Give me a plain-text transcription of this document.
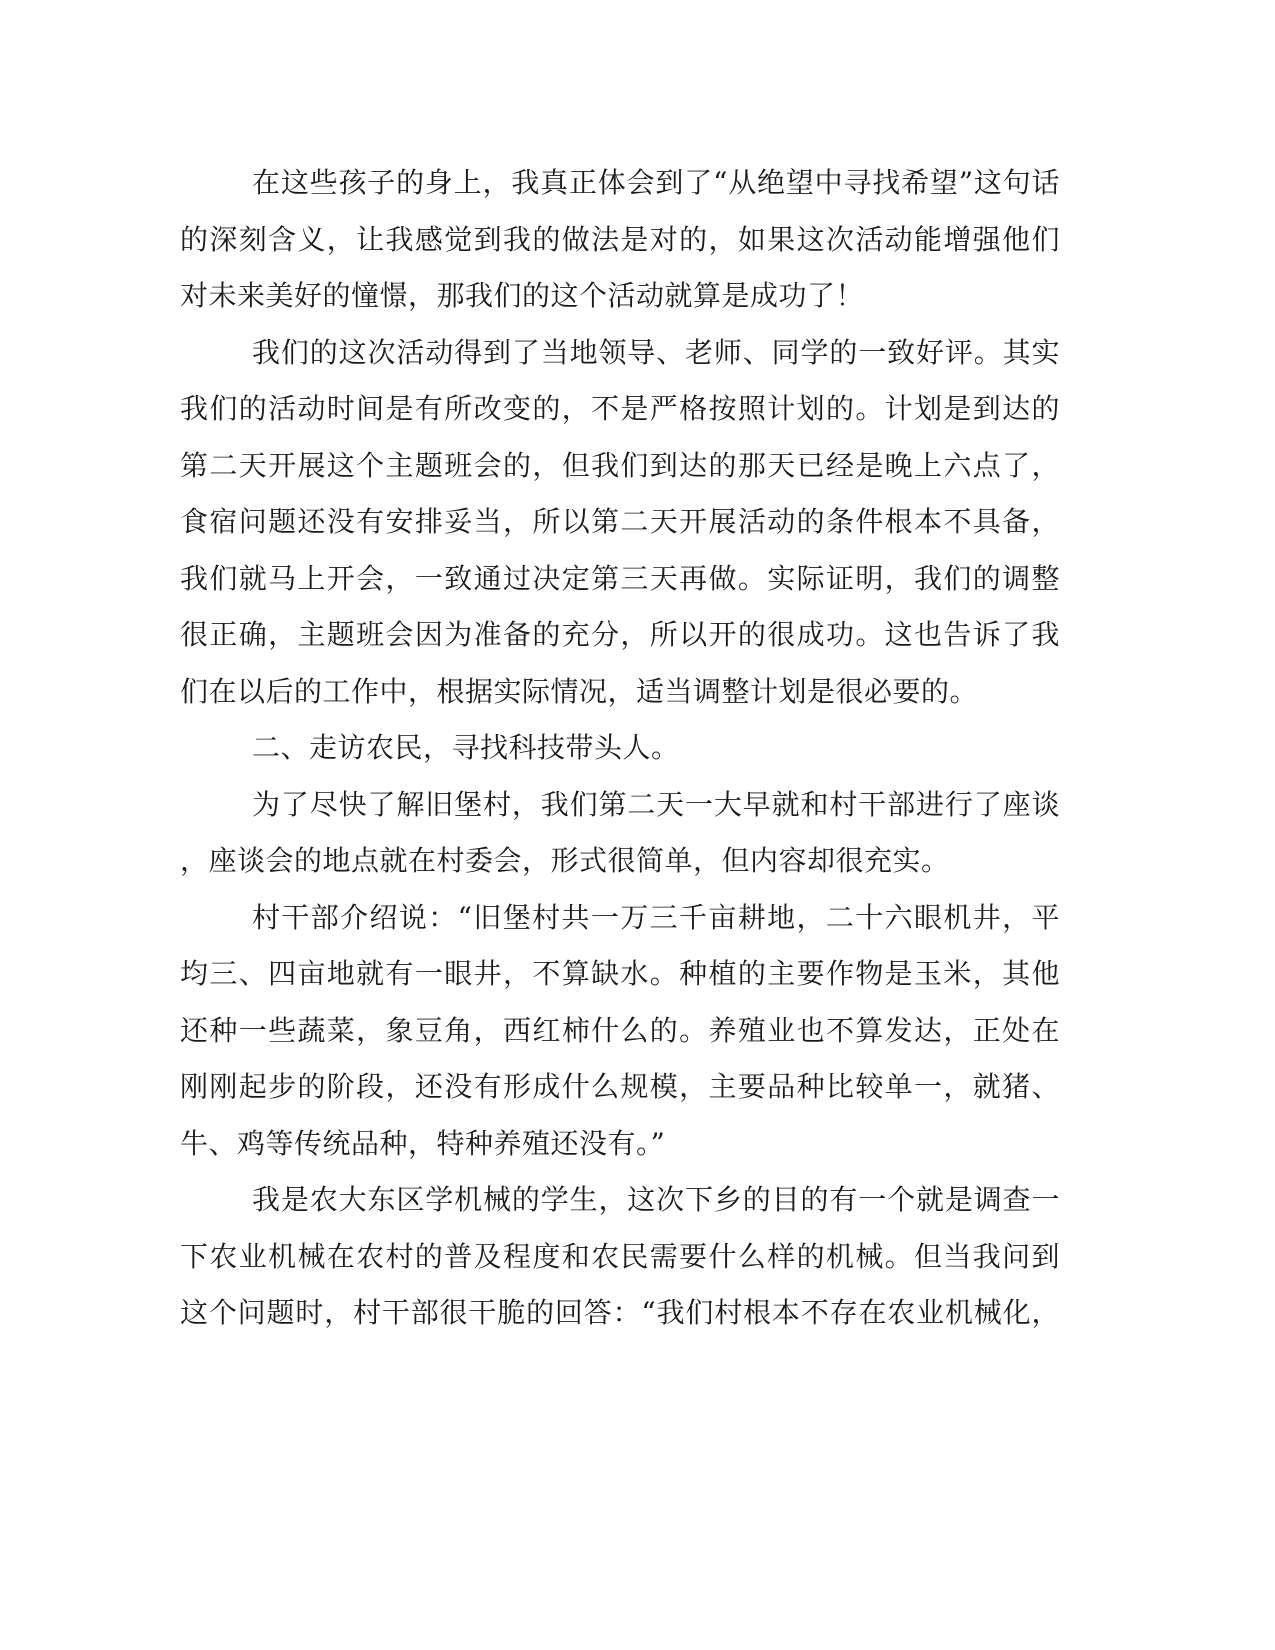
在这些孩子的身上，我真正体会到了“从绝望中寻找希望”这句话
的深刻含义，让我感觉到我的做法是对的，如果这次活动能增强他们
对未来美好的憧憬，那我们的这个活动就算是成功了！
我们的这次活动得到了当地领导、老师、同学的一致好评。其实
我们的活动时间是有所改变的，不是严格按照计划的。计划是到达的
第二天开展这个主题班会的，但我们到达的那天已经是晚上六点了，
食宿问题还没有安排妥当，所以第二天开展活动的条件根本不具备，
我们就马上开会，一致通过决定第三天再做。实际证明，我们的调整
很正确，主题班会因为准备的充分，所以开的很成功。这也告诉了我
们在以后的工作中，根据实际情况，适当调整计划是很必要的。
二、走访农民，寻找科技带头人。
为了尽快了解旧堡村，我们第二天一大早就和村干部进行了座谈
，座谈会的地点就在村委会，形式很简单，但内容却很充实。
村干部介绍说：“旧堡村共一万三千亩耕地，二十六眼机井，平
均三、四亩地就有一眼井，不算缺水。种植的主要作物是玉米，其他
还种一些蔬菜，象豆角，西红柿什么的。养殖业也不算发达，正处在
刚刚起步的阶段，还没有形成什么规模，主要品种比较单一，就猪、
牛、鸡等传统品种，特种养殖还没有。”
我是农大东区学机械的学生，这次下乡的目的有一个就是调查一
下农业机械在农村的普及程度和农民需要什么样的机械。但当我问到
这个问题时，村干部很干脆的回答：“我们村根本不存在农业机械化，
